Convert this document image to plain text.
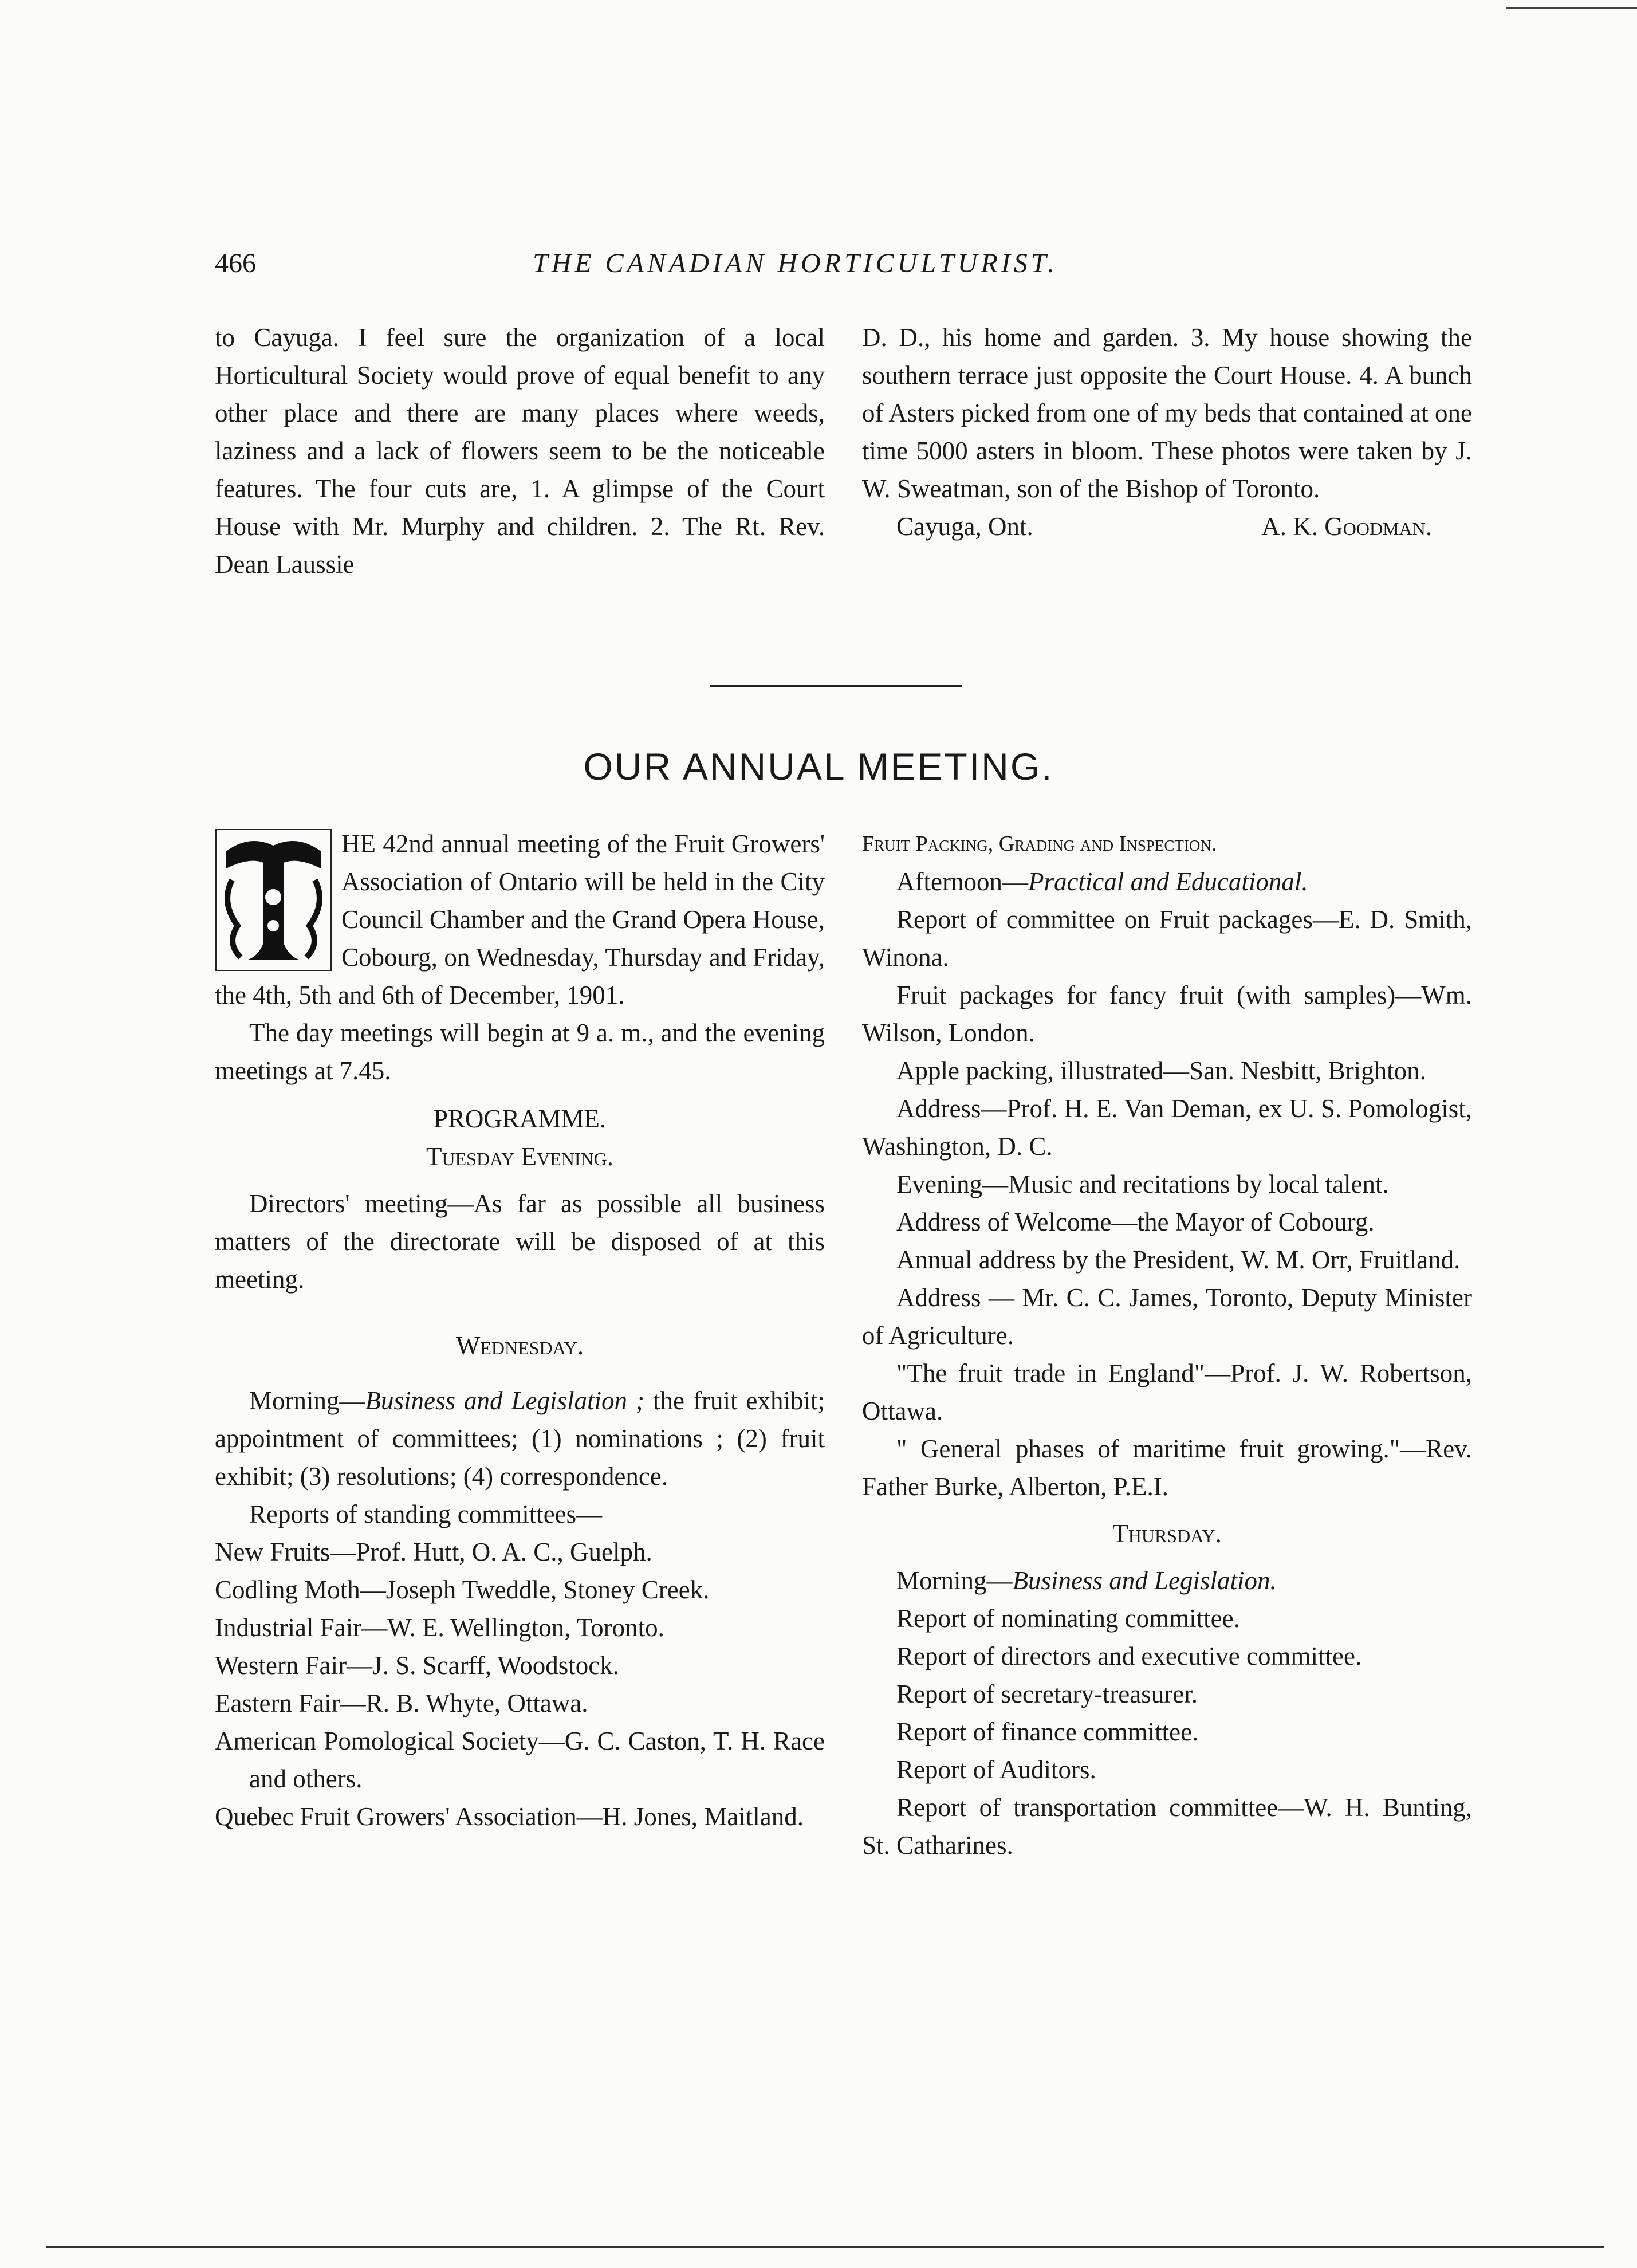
466	THE CANADIAN HORTICULTURIST.

to Cayuga. I feel sure the organization of a local Horticultural Society would prove of equal benefit to any other place and there are many places where weeds, laziness and a lack of flowers seem to be the noticeable features. The four cuts are, 1. A glimpse of the Court House with Mr. Murphy and children. 2. The Rt. Rev. Dean Laussie

D. D., his home and garden. 3. My house showing the southern terrace just opposite the Court House. 4. A bunch of Asters picked from one of my beds that contained at one time 5000 asters in bloom. These photos were taken by J. W. Sweatman, son of the Bishop of Toronto.

Cayuga, Ont.	A. K. Goodman.
OUR ANNUAL MEETING.

T
HE 42nd annual meeting of the Fruit Growers' Association of Ontario will be held in the City Council Chamber and the Grand Opera House, Cobourg, on Wednesday, Thursday and Friday, the 4th, 5th and 6th of December, 1901.

The day meetings will begin at 9 a. m., and the evening meetings at 7.45.

PROGRAMME.

Tuesday Evening.

Directors' meeting—As far as possible all business matters of the directorate will be disposed of at this meeting.

Wednesday.

Morning—Business and Legislation ; the fruit exhibit; appointment of committees; (1) nominations ; (2) fruit exhibit; (3) resolutions; (4) correspondence.

Reports of standing committees—

New Fruits—Prof. Hutt, O. A. C., Guelph.

Codling Moth—Joseph Tweddle, Stoney Creek.

Industrial Fair—W. E. Wellington, Toronto.

Western Fair—J. S. Scarff, Woodstock.

Eastern Fair—R. B. Whyte, Ottawa.

American Pomological Society—G. C. Caston, T. H. Race and others.

Quebec Fruit Growers' Association—H. Jones, Maitland.

Fruit Packing, Grading and Inspection.

Afternoon—Practical and Educational.

Report of committee on Fruit packages—E. D. Smith, Winona.

Fruit packages for fancy fruit (with samples)—Wm. Wilson, London.

Apple packing, illustrated—San. Nesbitt, Brighton.

Address—Prof. H. E. Van Deman, ex U. S. Pomologist, Washington, D. C.

Evening—Music and recitations by local talent.

Address of Welcome—the Mayor of Cobourg.

Annual address by the President, W. M. Orr, Fruitland.

Address — Mr. C. C. James, Toronto, Deputy Minister of Agriculture.

"The fruit trade in England"—Prof. J. W. Robertson, Ottawa.

" General phases of maritime fruit growing."—Rev. Father Burke, Alberton, P.E.I.

Thursday.

Morning—Business and Legislation.

Report of nominating committee.

Report of directors and executive committee.

Report of secretary-treasurer.

Report of finance committee.

Report of Auditors.

Report of transportation committee—W. H. Bunting, St. Catharines.
